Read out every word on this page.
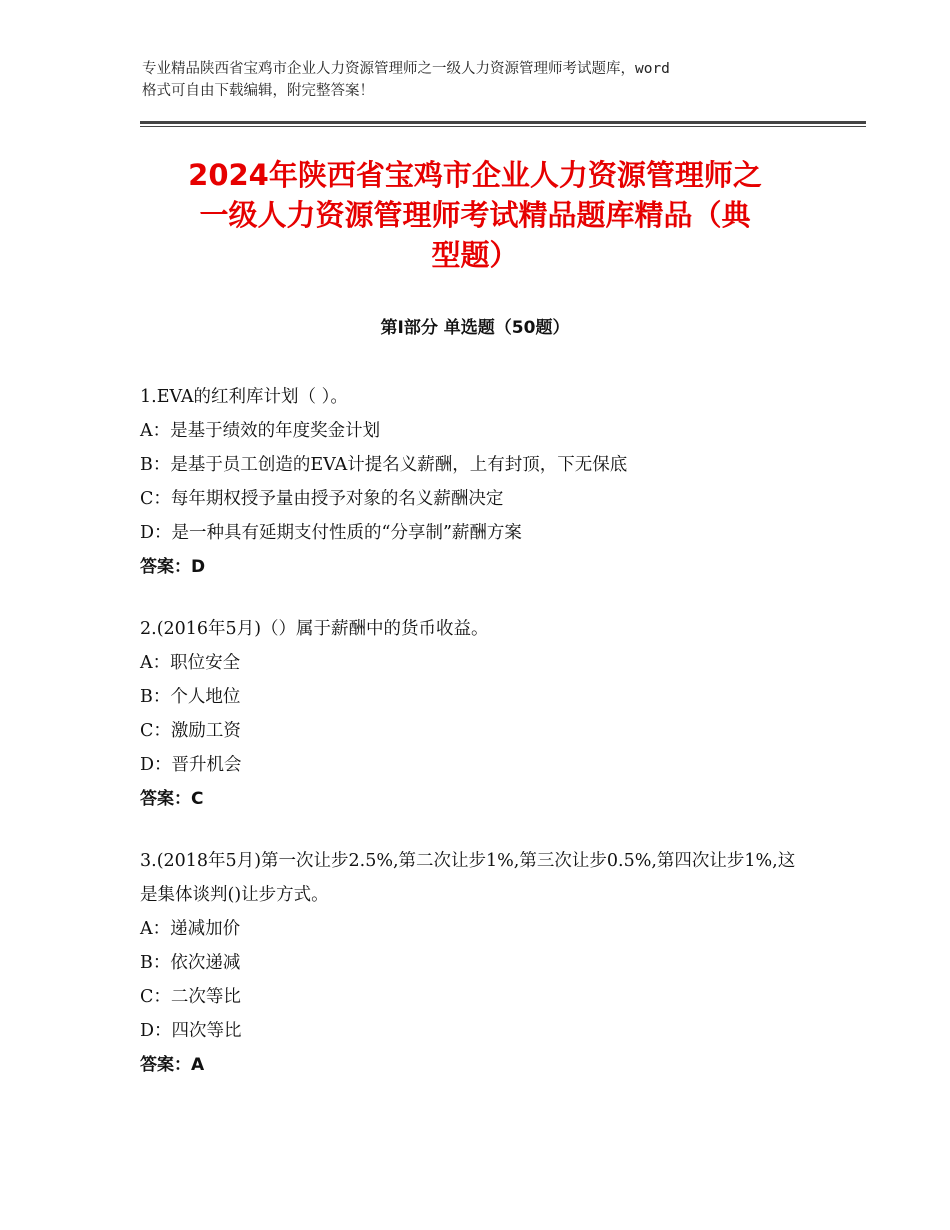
专业精品陕西省宝鸡市企业人力资源管理师之一级人力资源管理师考试题库，word
格式可自由下载编辑，附完整答案！
2024年陕西省宝鸡市企业人力资源管理师之
一级人力资源管理师考试精品题库精品（典
型题）
第Ⅰ部分 单选题（50题）
1.EVA的红利库计划（ ）。
A：是基于绩效的年度奖金计划
B：是基于员工创造的EVA计提名义薪酬，上有封顶，下无保底
C：每年期权授予量由授予对象的名义薪酬决定
D：是一种具有延期支付性质的“分享制”薪酬方案
答案：D
2.(2016年5月)（）属于薪酬中的货币收益。
A：职位安全
B：个人地位
C：激励工资
D：晋升机会
答案：C
3.(2018年5月)第一次让步2.5%,第二次让步1%,第三次让步0.5%,第四次让步1%,这是集体谈判()让步方式。
A：递减加价
B：依次递减
C：二次等比
D：四次等比
答案：A
